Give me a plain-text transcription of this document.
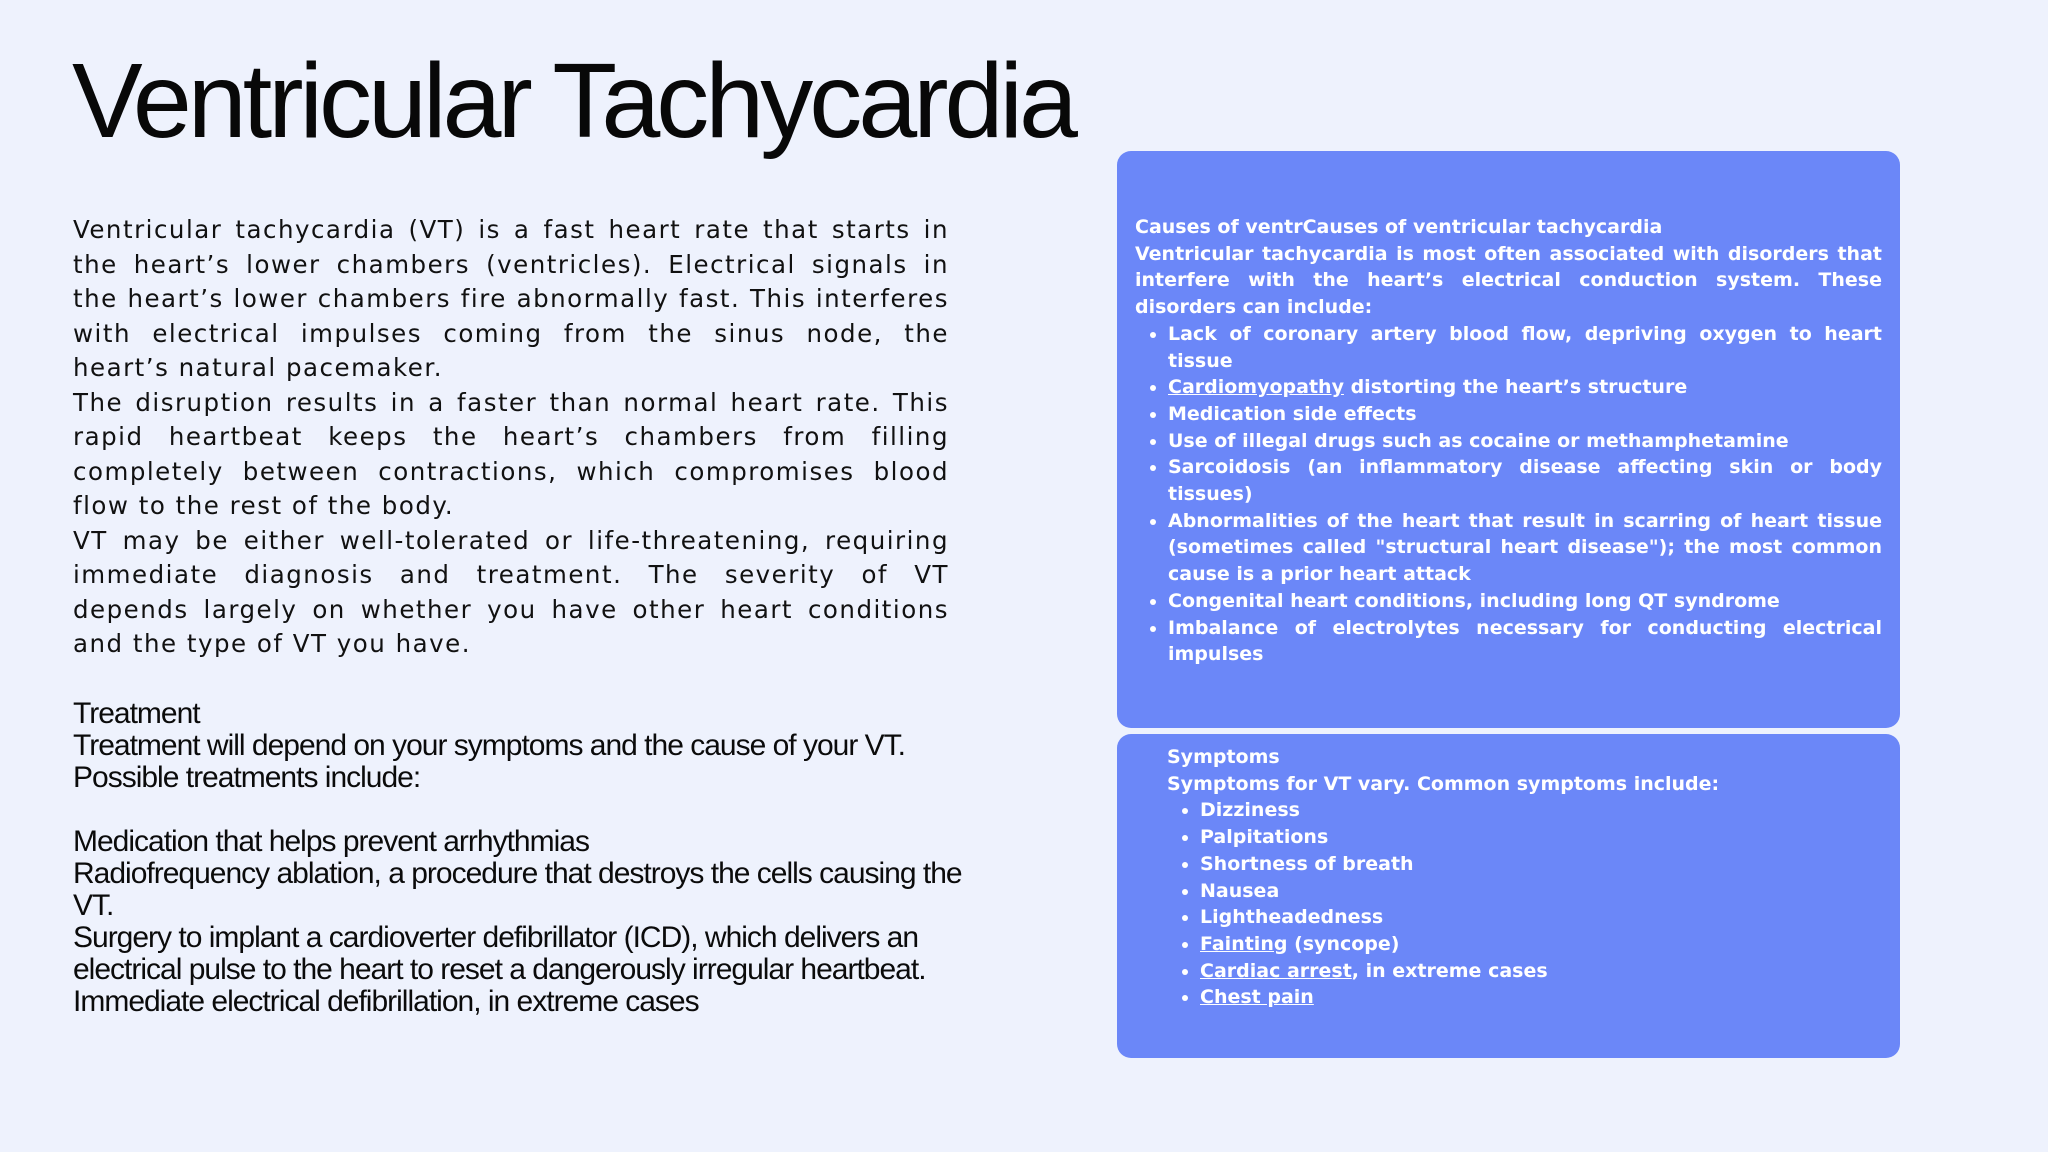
Ventricular Tachycardia

Ventricular tachycardia (VT) is a fast heart rate that starts in the heart’s lower chambers (ventricles). Electrical signals in the heart’s lower chambers fire abnormally fast. This interferes with electrical impulses coming from the sinus node, the heart’s natural pacemaker.

The disruption results in a faster than normal heart rate. This rapid heartbeat keeps the heart’s chambers from filling completely between contractions, which compromises blood flow to the rest of the body.

VT may be either well-tolerated or life-threatening, requiring immediate diagnosis and treatment. The severity of VT depends largely on whether you have other heart conditions and the type of VT you have.

Treatment

Treatment will depend on your symptoms and the cause of your VT. Possible treatments include:

Medication that helps prevent arrhythmias

Radiofrequency ablation, a procedure that destroys the cells causing the VT.

Surgery to implant a cardioverter defibrillator (ICD), which delivers an electrical pulse to the heart to reset a dangerously irregular heartbeat.

Immediate electrical defibrillation, in extreme cases

Causes of ventrCauses of ventricular tachycardia

Ventricular tachycardia is most often associated with disorders that interfere with the heart’s electrical conduction system. These disorders can include:

• Lack of coronary artery blood flow, depriving oxygen to heart tissue
• Cardiomyopathy distorting the heart’s structure
• Medication side effects
• Use of illegal drugs such as cocaine or methamphetamine
• Sarcoidosis (an inflammatory disease affecting skin or body tissues)
• Abnormalities of the heart that result in scarring of heart tissue (sometimes called "structural heart disease"); the most common cause is a prior heart attack
• Congenital heart conditions, including long QT syndrome
• Imbalance of electrolytes necessary for conducting electrical impulses

Symptoms

Symptoms for VT vary. Common symptoms include:

• Dizziness
• Palpitations
• Shortness of breath
• Nausea
• Lightheadedness
• Fainting (syncope)
• Cardiac arrest, in extreme cases
• Chest pain
